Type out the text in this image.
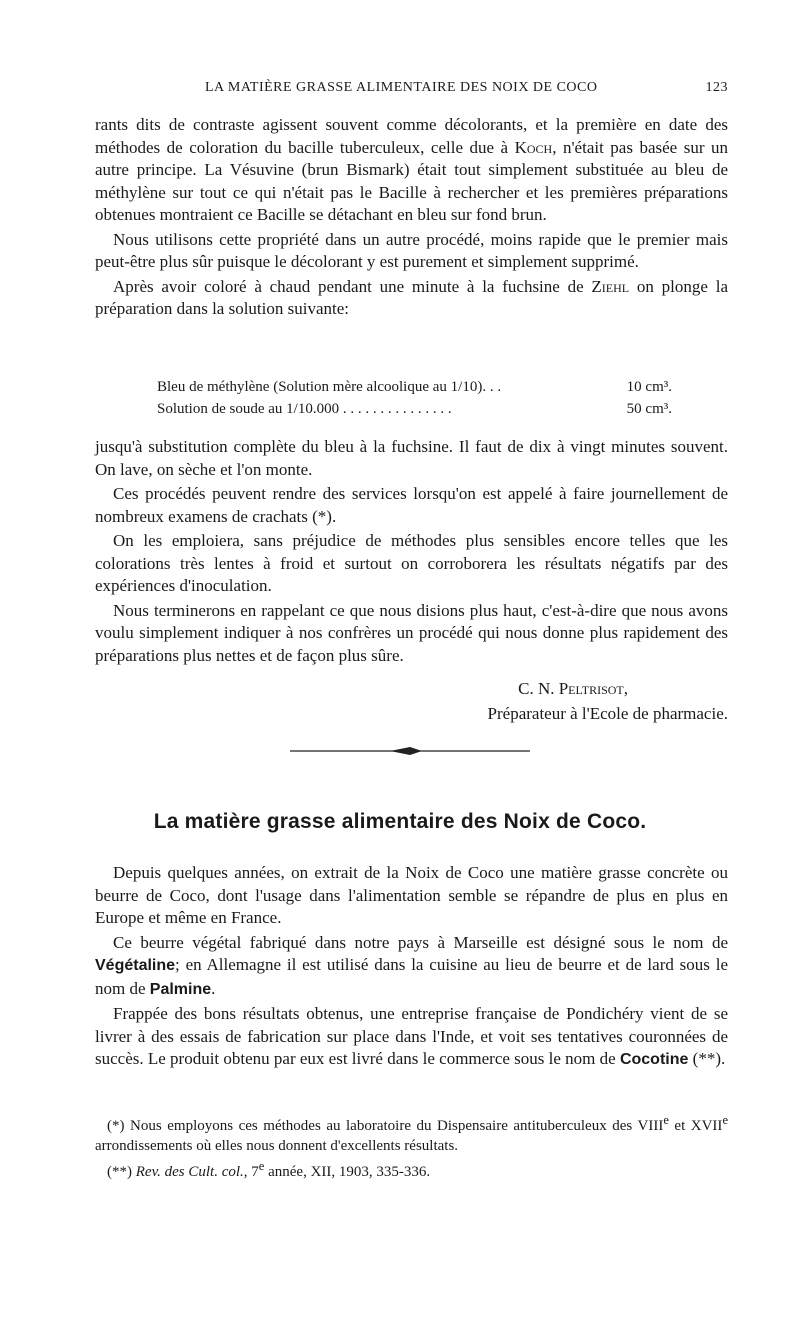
LA MATIÈRE GRASSE ALIMENTAIRE DES NOIX DE COCO	123

rants dits de contraste agissent souvent comme décolorants, et la première en date des méthodes de coloration du bacille tuberculeux, celle due à Koch, n'était pas basée sur un autre principe. La Vésuvine (brun Bismark) était tout simplement substituée au bleu de méthylène sur tout ce qui n'était pas le Bacille à rechercher et les premières préparations obtenues montraient ce Bacille se détachant en bleu sur fond brun.

Nous utilisons cette propriété dans un autre procédé, moins rapide que le premier mais peut-être plus sûr puisque le décolorant y est purement et simplement supprimé.

Après avoir coloré à chaud pendant une minute à la fuchsine de Ziehl on plonge la préparation dans la solution suivante:

Bleu de méthylène (Solution mère alcoolique au 1/10). . .	10 cm³.
Solution de soude au 1/10.000 . . . . . . . . . . . . . . .	50 cm³.

jusqu'à substitution complète du bleu à la fuchsine. Il faut de dix à vingt minutes souvent. On lave, on sèche et l'on monte.

Ces procédés peuvent rendre des services lorsqu'on est appelé à faire journellement de nombreux examens de crachats (*).

On les emploiera, sans préjudice de méthodes plus sensibles encore telles que les colorations très lentes à froid et surtout on corroborera les résultats négatifs par des expériences d'inoculation.

Nous terminerons en rappelant ce que nous disions plus haut, c'est-à-dire que nous avons voulu simplement indiquer à nos confrères un procédé qui nous donne plus rapidement des préparations plus nettes et de façon plus sûre.

C. N. Peltrisot,
Préparateur à l'Ecole de pharmacie.
La matière grasse alimentaire des Noix de Coco.

Depuis quelques années, on extrait de la Noix de Coco une matière grasse concrète ou beurre de Coco, dont l'usage dans l'alimentation semble se répandre de plus en plus en Europe et même en France.

Ce beurre végétal fabriqué dans notre pays à Marseille est désigné sous le nom de Végétaline; en Allemagne il est utilisé dans la cuisine au lieu de beurre et de lard sous le nom de Palmine.

Frappée des bons résultats obtenus, une entreprise française de Pondichéry vient de se livrer à des essais de fabrication sur place dans l'Inde, et voit ses tentatives couronnées de succès. Le produit obtenu par eux est livré dans le commerce sous le nom de Cocotine (**).

(*) Nous employons ces méthodes au laboratoire du Dispensaire antituberculeux des VIIIe et XVIIe arrondissements où elles nous donnent d'excellents résultats.

(**) Rev. des Cult. col., 7e année, XII, 1903, 335-336.
